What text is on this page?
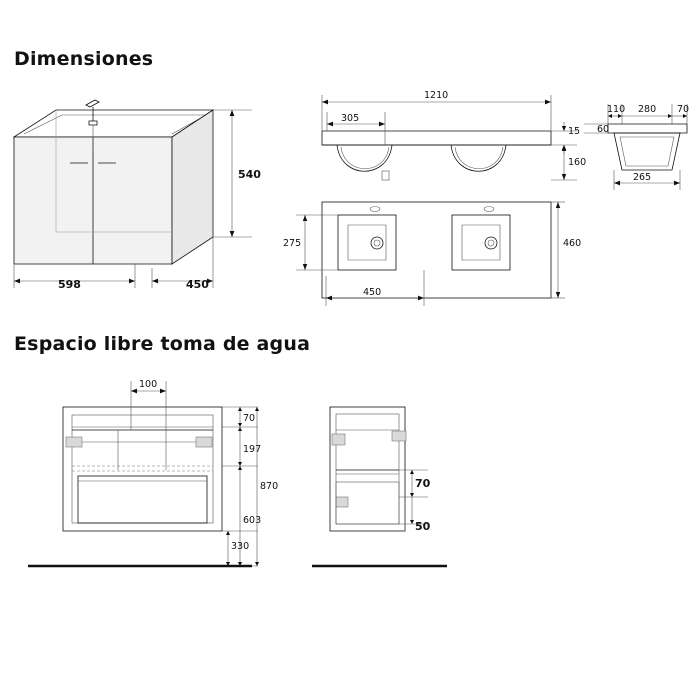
Dimensiones
Espacio libre toma de agua
598	450
540
1210
305
15
160
275	460
450
110 280 70
60
265
100
70
197
603
330
870	70
50
